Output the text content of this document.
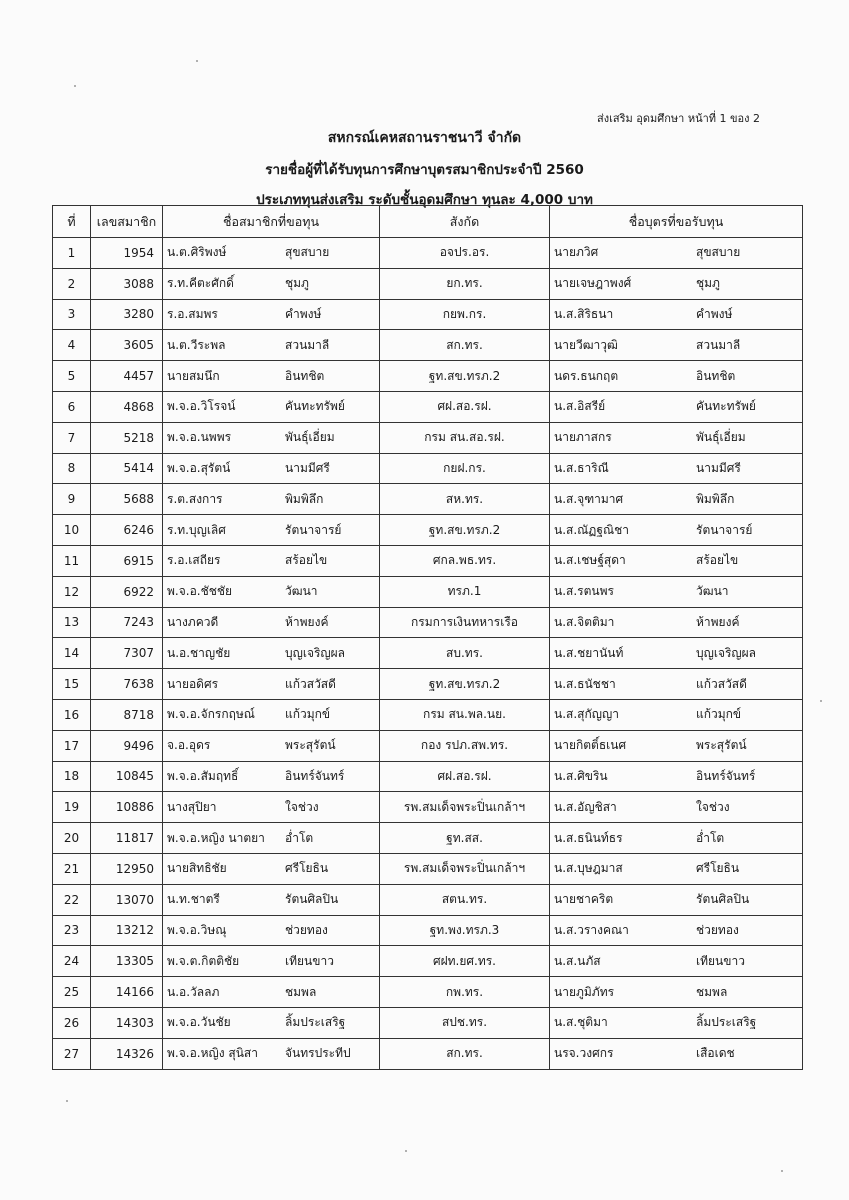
ส่งเสริม อุดมศึกษา หน้าที่ 1 ของ 2
สหกรณ์เคหสถานราชนาวี จำกัด
รายชื่อผู้ที่ได้รับทุนการศึกษาบุตรสมาชิกประจำปี 2560
ประเภททุนส่งเสริม ระดับชั้นอุดมศึกษา ทุนละ 4,000 บาท
ที่	เลขสมาชิก	ชื่อสมาชิกที่ขอทุน	สังกัด	ชื่อบุตรที่ขอรับทุน
1	1954	น.ต.ศิริพงษ์ สุขสบาย	อจปร.อร.	นายภวิศ สุขสบาย

2	3088	ร.ท.คีตะศักดิ์ ชุมภู	ยก.ทร.	นายเจษฎาพงศ์ ชุมภู

3	3280	ร.อ.สมพร คำพงษ์	กยพ.กร.	น.ส.สิริธนา คำพงษ์

4	3605	น.ต.วีระพล สวนมาลี	สก.ทร.	นายวีฒาวุฒิ สวนมาลี

5	4457	นายสมนึก อินทชิต	ฐท.สข.ทรภ.2	นดร.ธนกฤต อินทชิต

6	4868	พ.จ.อ.วิโรจน์ คันทะทรัพย์	ศฝ.สอ.รฝ.	น.ส.อิสรีย์ คันทะทรัพย์

7	5218	พ.จ.อ.นพพร พันธุ์เอี่ยม	กรม สน.สอ.รฝ.	นายภาสกร พันธุ์เอี่ยม

8	5414	พ.จ.อ.สุรัตน์ นามมีศรี	กยฝ.กร.	น.ส.ธาริณี นามมีศรี

9	5688	ร.ต.สงการ พิมพิลึก	สห.ทร.	น.ส.จุฑามาศ พิมพิลึก

10	6246	ร.ท.บุญเลิศ รัตนาจารย์	ฐท.สข.ทรภ.2	น.ส.ณัฏฐณิชา รัตนาจารย์

11	6915	ร.อ.เสถียร สร้อยไข	ศกล.พธ.ทร.	น.ส.เชษฐ์สุดา สร้อยไข

12	6922	พ.จ.อ.ชัชชัย วัฒนา	ทรภ.1	น.ส.รตนพร วัฒนา

13	7243	นางภควดี ห้าพยงค์	กรมการเงินทหารเรือ	น.ส.จิตติมา ห้าพยงค์

14	7307	น.อ.ชาญชัย บุญเจริญผล	สบ.ทร.	น.ส.ชยานันท์ บุญเจริญผล

15	7638	นายอดิศร แก้วสวัสดี	ฐท.สข.ทรภ.2	น.ส.ธนัชชา แก้วสวัสดี

16	8718	พ.จ.อ.จักรกฤษณ์ แก้วมุกข์	กรม สน.พล.นย.	น.ส.สุกัญญา แก้วมุกข์

17	9496	จ.อ.อุดร พระสุรัตน์	กอง รปภ.สพ.ทร.	นายกิตติ์ธเนศ พระสุรัตน์

18	10845	พ.จ.อ.สัมฤทธิ์ อินทร์จันทร์	ศฝ.สอ.รฝ.	น.ส.ศิขริน อินทร์จันทร์

19	10886	นางสุปิยา ใจช่วง	รพ.สมเด็จพระปิ่นเกล้าฯ	น.ส.อัญชิสา ใจช่วง

20	11817	พ.จ.อ.หญิง นาตยา อ่ำโต	ฐท.สส.	น.ส.ธนินท์ธร อ่ำโต

21	12950	นายสิทธิชัย ศรีโยธิน	รพ.สมเด็จพระปิ่นเกล้าฯ	น.ส.บุษฎมาส ศรีโยธิน

22	13070	น.ท.ชาตรี รัตนศิลปิน	สตน.ทร.	นายชาคริต รัตนศิลปิน

23	13212	พ.จ.อ.วิษณุ ช่วยทอง	ฐท.พง.ทรภ.3	น.ส.วรางคณา ช่วยทอง

24	13305	พ.จ.ต.กิตติชัย เทียนขาว	ศฝท.ยศ.ทร.	น.ส.นภัส เทียนขาว

25	14166	น.อ.วัลลภ ชมพล	กพ.ทร.	นายภูมิภัทร ชมพล

26	14303	พ.จ.อ.วันชัย ลิ้มประเสริฐ	สปช.ทร.	น.ส.ชุติมา ลิ้มประเสริฐ

27	14326	พ.จ.อ.หญิง สุนิสา จันทรประทีป	สก.ทร.	นรจ.วงศกร เสือเดช
